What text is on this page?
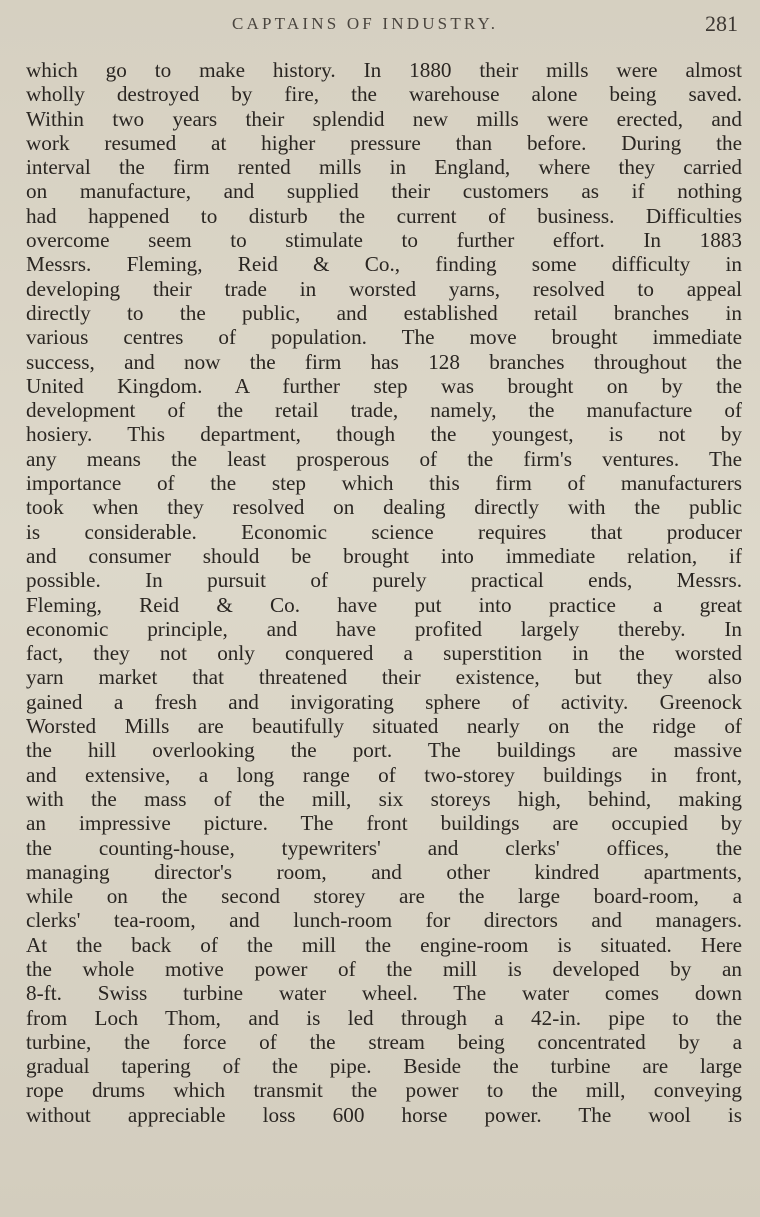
CAPTAINS OF INDUSTRY.	281
which go to make history. In 1880 their mills were almost
wholly destroyed by fire, the warehouse alone being saved.
Within two years their splendid new mills were erected, and
work resumed at higher pressure than before. During the
interval the firm rented mills in England, where they carried
on manufacture, and supplied their customers as if nothing
had happened to disturb the current of business. Difficulties
overcome seem to stimulate to further effort. In 1883
Messrs. Fleming, Reid & Co., finding some difficulty in
developing their trade in worsted yarns, resolved to appeal
directly to the public, and established retail branches in
various centres of population. The move brought immediate
success, and now the firm has 128 branches throughout the
United Kingdom. A further step was brought on by the
development of the retail trade, namely, the manufacture of
hosiery. This department, though the youngest, is not by
any means the least prosperous of the firm's ventures. The
importance of the step which this firm of manufacturers
took when they resolved on dealing directly with the public
is considerable. Economic science requires that producer
and consumer should be brought into immediate relation, if
possible. In pursuit of purely practical ends, Messrs.
Fleming, Reid & Co. have put into practice a great
economic principle, and have profited largely thereby. In
fact, they not only conquered a superstition in the worsted
yarn market that threatened their existence, but they also
gained a fresh and invigorating sphere of activity. Greenock
Worsted Mills are beautifully situated nearly on the ridge of
the hill overlooking the port. The buildings are massive
and extensive, a long range of two-storey buildings in front,
with the mass of the mill, six storeys high, behind, making
an impressive picture. The front buildings are occupied by
the counting-house, typewriters' and clerks' offices, the
managing director's room, and other kindred apartments,
while on the second storey are the large board-room, a
clerks' tea-room, and lunch-room for directors and managers.
At the back of the mill the engine-room is situated. Here
the whole motive power of the mill is developed by an
8-ft. Swiss turbine water wheel. The water comes down
from Loch Thom, and is led through a 42-in. pipe to the
turbine, the force of the stream being concentrated by a
gradual tapering of the pipe. Beside the turbine are large
rope drums which transmit the power to the mill, conveying
without appreciable loss 600 horse power. The wool is
